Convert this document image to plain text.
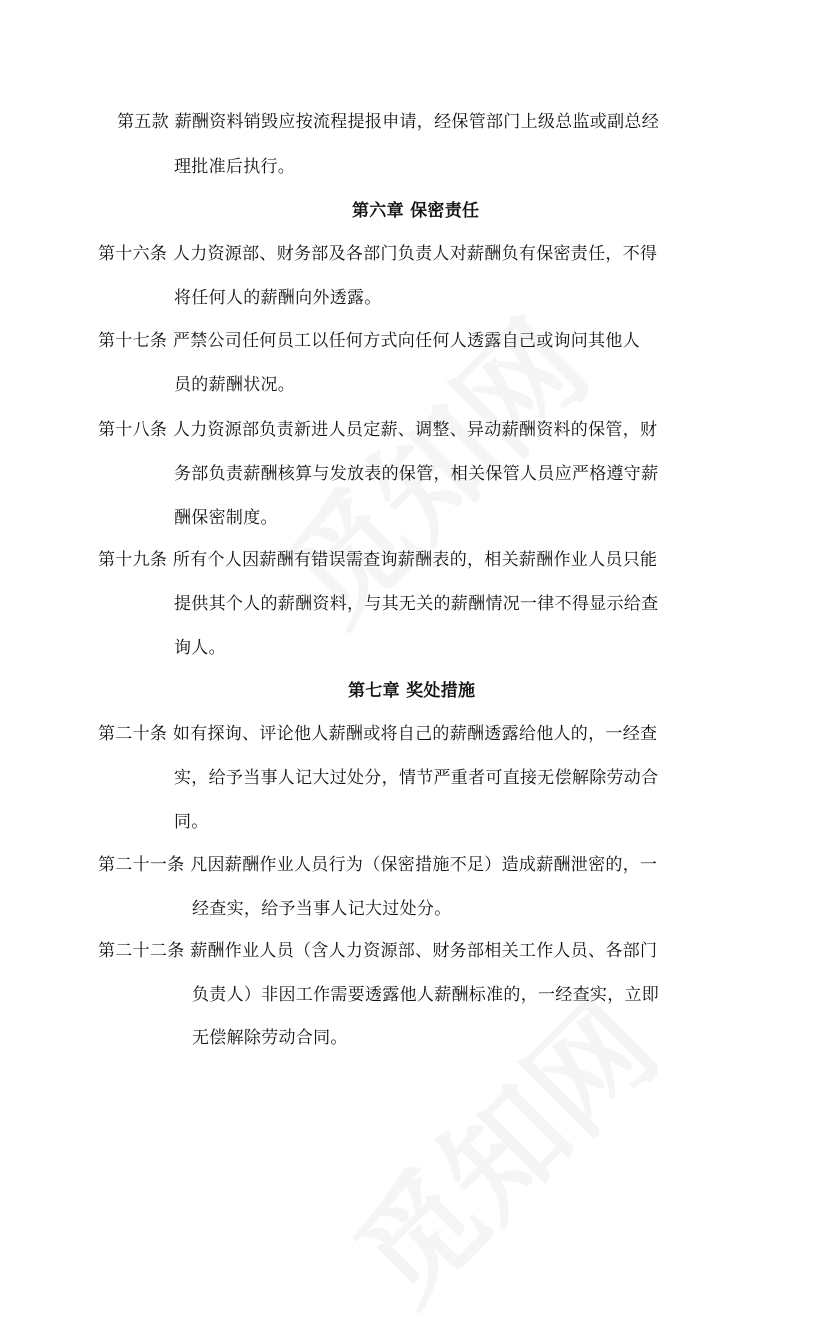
第五款 薪酬资料销毁应按流程提报申请，经保管部门上级总监或副总经
理批准后执行。
第六章 保密责任
第十六条 人力资源部、财务部及各部门负责人对薪酬负有保密责任，不得
将任何人的薪酬向外透露。
第十七条 严禁公司任何员工以任何方式向任何人透露自己或询问其他人
员的薪酬状况。
第十八条 人力资源部负责新进人员定薪、调整、异动薪酬资料的保管，财
务部负责薪酬核算与发放表的保管，相关保管人员应严格遵守薪
酬保密制度。
第十九条 所有个人因薪酬有错误需查询薪酬表的，相关薪酬作业人员只能
提供其个人的薪酬资料，与其无关的薪酬情况一律不得显示给查
询人。
第七章 奖处措施
第二十条 如有探询、评论他人薪酬或将自己的薪酬透露给他人的，一经查
实，给予当事人记大过处分，情节严重者可直接无偿解除劳动合
同。
第二十一条 凡因薪酬作业人员行为（保密措施不足）造成薪酬泄密的，一
经查实，给予当事人记大过处分。
第二十二条 薪酬作业人员（含人力资源部、财务部相关工作人员、各部门
负责人）非因工作需要透露他人薪酬标准的，一经查实，立即
无偿解除劳动合同。
